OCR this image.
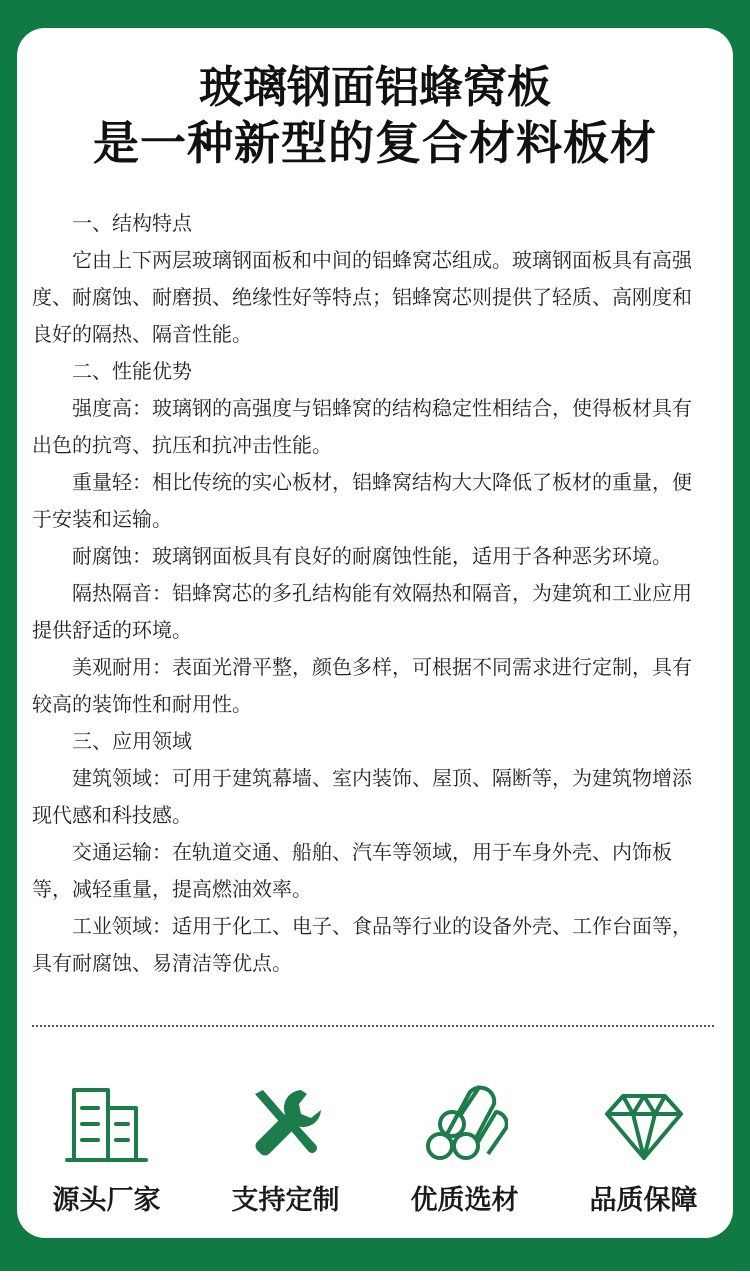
玻璃钢面铝蜂窝板
是一种新型的复合材料板材

一、结构特点

它由上下两层玻璃钢面板和中间的铝蜂窝芯组成。玻璃钢面板具有高强度、耐腐蚀、耐磨损、绝缘性好等特点；铝蜂窝芯则提供了轻质、高刚度和良好的隔热、隔音性能。

二、性能优势

强度高：玻璃钢的高强度与铝蜂窝的结构稳定性相结合，使得板材具有出色的抗弯、抗压和抗冲击性能。

重量轻：相比传统的实心板材，铝蜂窝结构大大降低了板材的重量，便于安装和运输。

耐腐蚀：玻璃钢面板具有良好的耐腐蚀性能，适用于各种恶劣环境。

隔热隔音：铝蜂窝芯的多孔结构能有效隔热和隔音，为建筑和工业应用提供舒适的环境。

美观耐用：表面光滑平整，颜色多样，可根据不同需求进行定制，具有较高的装饰性和耐用性。

三、应用领域

建筑领域：可用于建筑幕墙、室内装饰、屋顶、隔断等，为建筑物增添现代感和科技感。

交通运输：在轨道交通、船舶、汽车等领域，用于车身外壳、内饰板等，减轻重量，提高燃油效率。

工业领域：适用于化工、电子、食品等行业的设备外壳、工作台面等，具有耐腐蚀、易清洁等优点。

源头厂家	支持定制	优质选材	品质保障
